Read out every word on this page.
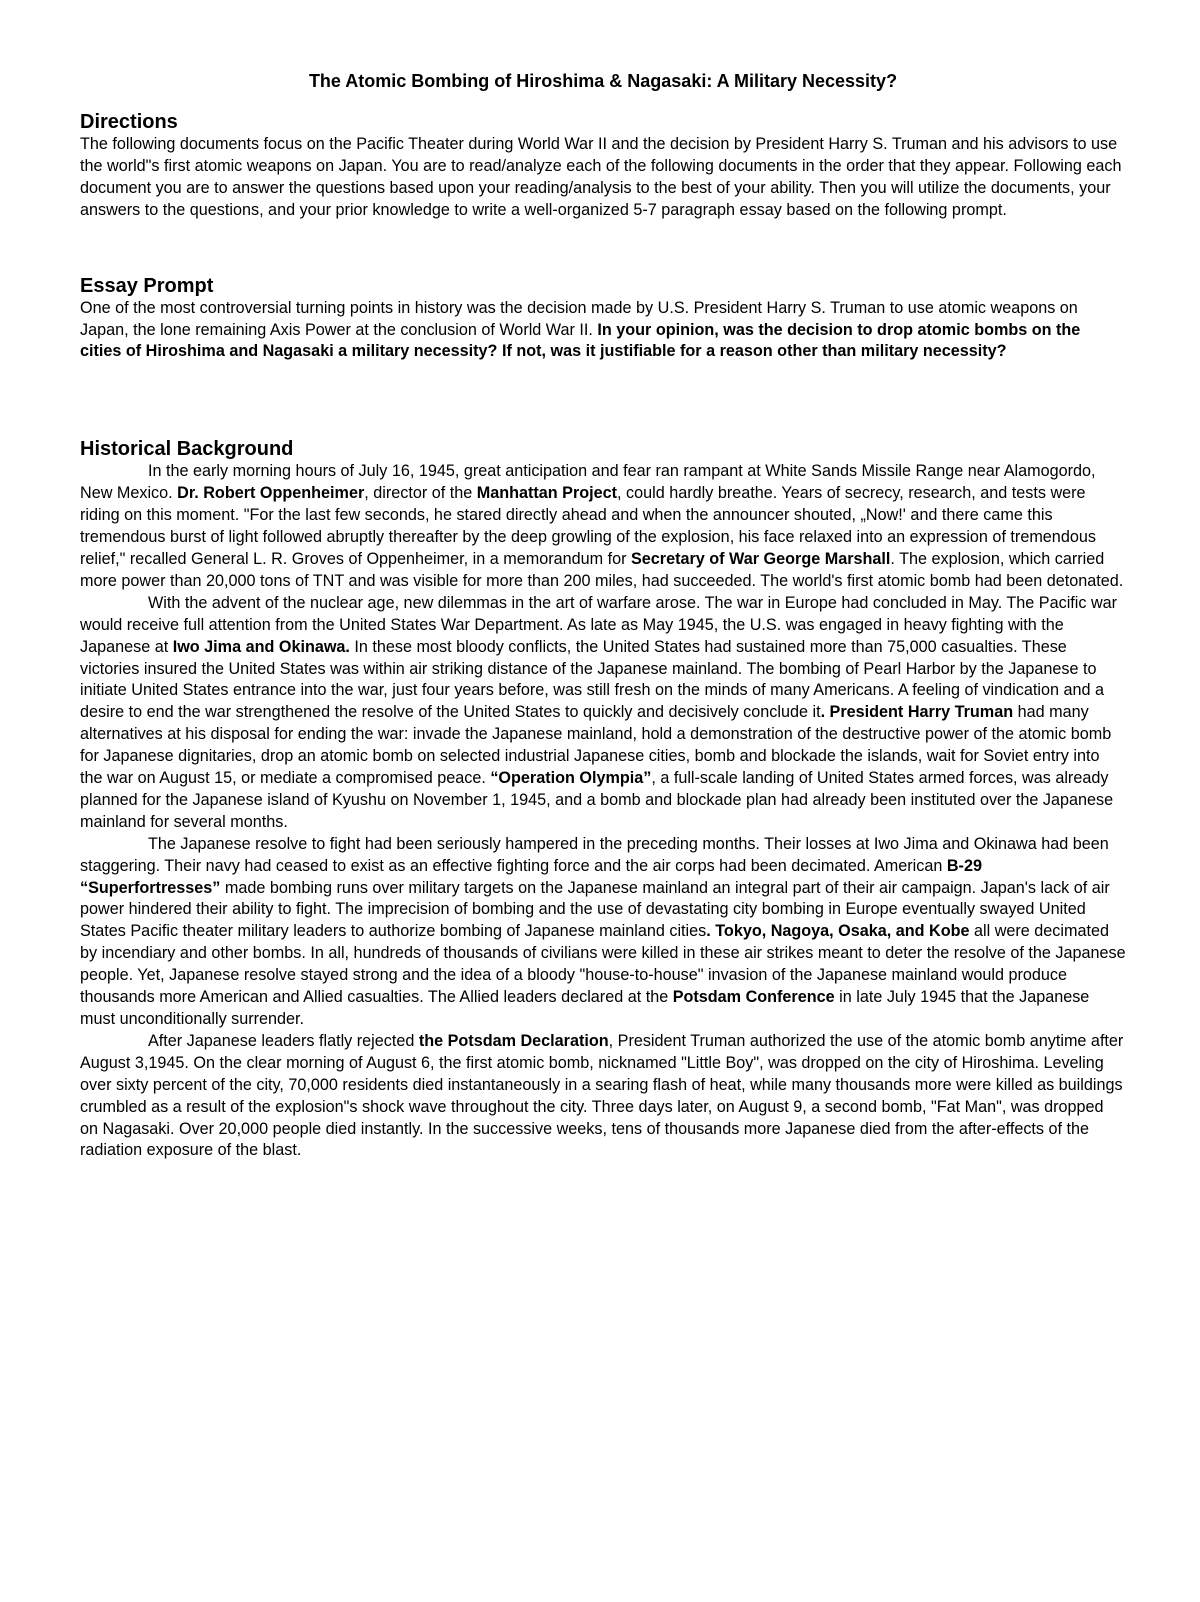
The Atomic Bombing of Hiroshima & Nagasaki: A Military Necessity?
Directions

The following documents focus on the Pacific Theater during World War II and the decision by President Harry S. Truman and his advisors to use the world"s first atomic weapons on Japan. You are to read/analyze each of the following documents in the order that they appear. Following each document you are to answer the questions based upon your reading/analysis to the best of your ability. Then you will utilize the documents, your answers to the questions, and your prior knowledge to write a well-organized 5-7 paragraph essay based on the following prompt.

Essay Prompt

One of the most controversial turning points in history was the decision made by U.S. President Harry S. Truman to use atomic weapons on Japan, the lone remaining Axis Power at the conclusion of World War II. In your opinion, was the decision to drop atomic bombs on the cities of Hiroshima and Nagasaki a military necessity? If not, was it justifiable for a reason other than military necessity?

Historical Background

In the early morning hours of July 16, 1945, great anticipation and fear ran rampant at White Sands Missile Range near Alamogordo, New Mexico. Dr. Robert Oppenheimer, director of the Manhattan Project, could hardly breathe. Years of secrecy, research, and tests were riding on this moment. "For the last few seconds, he stared directly ahead and when the announcer shouted, „Now!' and there came this tremendous burst of light followed abruptly thereafter by the deep growling of the explosion, his face relaxed into an expression of tremendous relief," recalled General L. R. Groves of Oppenheimer, in a memorandum for Secretary of War George Marshall. The explosion, which carried more power than 20,000 tons of TNT and was visible for more than 200 miles, had succeeded. The world's first atomic bomb had been detonated.

With the advent of the nuclear age, new dilemmas in the art of warfare arose. The war in Europe had concluded in May. The Pacific war would receive full attention from the United States War Department. As late as May 1945, the U.S. was engaged in heavy fighting with the Japanese at Iwo Jima and Okinawa. In these most bloody conflicts, the United States had sustained more than 75,000 casualties. These victories insured the United States was within air striking distance of the Japanese mainland. The bombing of Pearl Harbor by the Japanese to initiate United States entrance into the war, just four years before, was still fresh on the minds of many Americans. A feeling of vindication and a desire to end the war strengthened the resolve of the United States to quickly and decisively conclude it. President Harry Truman had many alternatives at his disposal for ending the war: invade the Japanese mainland, hold a demonstration of the destructive power of the atomic bomb for Japanese dignitaries, drop an atomic bomb on selected industrial Japanese cities, bomb and blockade the islands, wait for Soviet entry into the war on August 15, or mediate a compromised peace. “Operation Olympia”, a full-scale landing of United States armed forces, was already planned for the Japanese island of Kyushu on November 1, 1945, and a bomb and blockade plan had already been instituted over the Japanese mainland for several months.

The Japanese resolve to fight had been seriously hampered in the preceding months. Their losses at Iwo Jima and Okinawa had been staggering. Their navy had ceased to exist as an effective fighting force and the air corps had been decimated. American B-29 “Superfortresses” made bombing runs over military targets on the Japanese mainland an integral part of their air campaign. Japan's lack of air power hindered their ability to fight. The imprecision of bombing and the use of devastating city bombing in Europe eventually swayed United States Pacific theater military leaders to authorize bombing of Japanese mainland cities. Tokyo, Nagoya, Osaka, and Kobe all were decimated by incendiary and other bombs. In all, hundreds of thousands of civilians were killed in these air strikes meant to deter the resolve of the Japanese people. Yet, Japanese resolve stayed strong and the idea of a bloody "house-to-house" invasion of the Japanese mainland would produce thousands more American and Allied casualties. The Allied leaders declared at the Potsdam Conference in late July 1945 that the Japanese must unconditionally surrender.

After Japanese leaders flatly rejected the Potsdam Declaration, President Truman authorized the use of the atomic bomb anytime after August 3,1945. On the clear morning of August 6, the first atomic bomb, nicknamed "Little Boy", was dropped on the city of Hiroshima. Leveling over sixty percent of the city, 70,000 residents died instantaneously in a searing flash of heat, while many thousands more were killed as buildings crumbled as a result of the explosion"s shock wave throughout the city. Three days later, on August 9, a second bomb, "Fat Man", was dropped on Nagasaki. Over 20,000 people died instantly. In the successive weeks, tens of thousands more Japanese died from the after-effects of the radiation exposure of the blast.
